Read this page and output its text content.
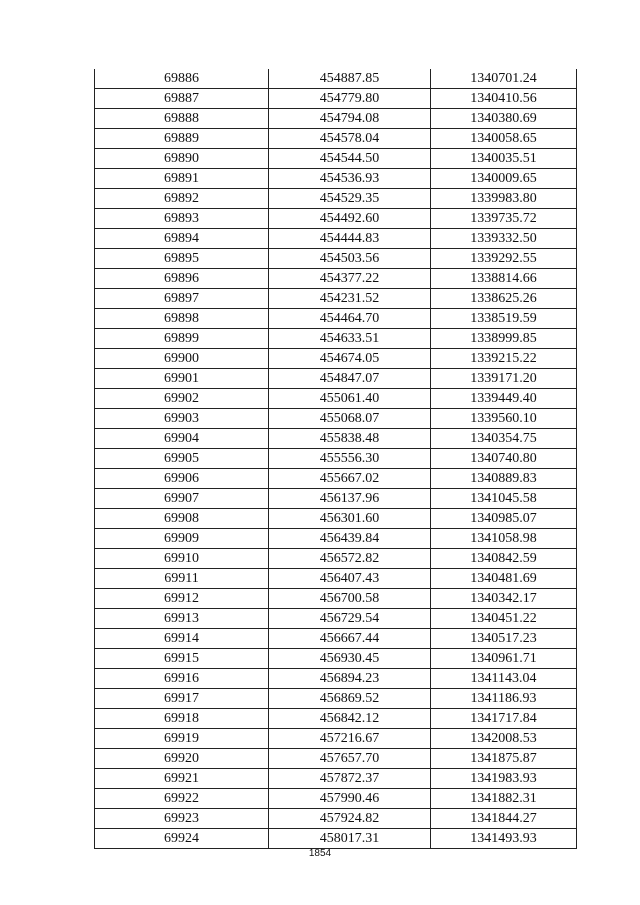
69886	454887.85	1340701.24
69887	454779.80	1340410.56
69888	454794.08	1340380.69
69889	454578.04	1340058.65
69890	454544.50	1340035.51
69891	454536.93	1340009.65
69892	454529.35	1339983.80
69893	454492.60	1339735.72
69894	454444.83	1339332.50
69895	454503.56	1339292.55
69896	454377.22	1338814.66
69897	454231.52	1338625.26
69898	454464.70	1338519.59
69899	454633.51	1338999.85
69900	454674.05	1339215.22
69901	454847.07	1339171.20
69902	455061.40	1339449.40
69903	455068.07	1339560.10
69904	455838.48	1340354.75
69905	455556.30	1340740.80
69906	455667.02	1340889.83
69907	456137.96	1341045.58
69908	456301.60	1340985.07
69909	456439.84	1341058.98
69910	456572.82	1340842.59
69911	456407.43	1340481.69
69912	456700.58	1340342.17
69913	456729.54	1340451.22
69914	456667.44	1340517.23
69915	456930.45	1340961.71
69916	456894.23	1341143.04
69917	456869.52	1341186.93
69918	456842.12	1341717.84
69919	457216.67	1342008.53
69920	457657.70	1341875.87
69921	457872.37	1341983.93
69922	457990.46	1341882.31
69923	457924.82	1341844.27
69924	458017.31	1341493.93
1854
